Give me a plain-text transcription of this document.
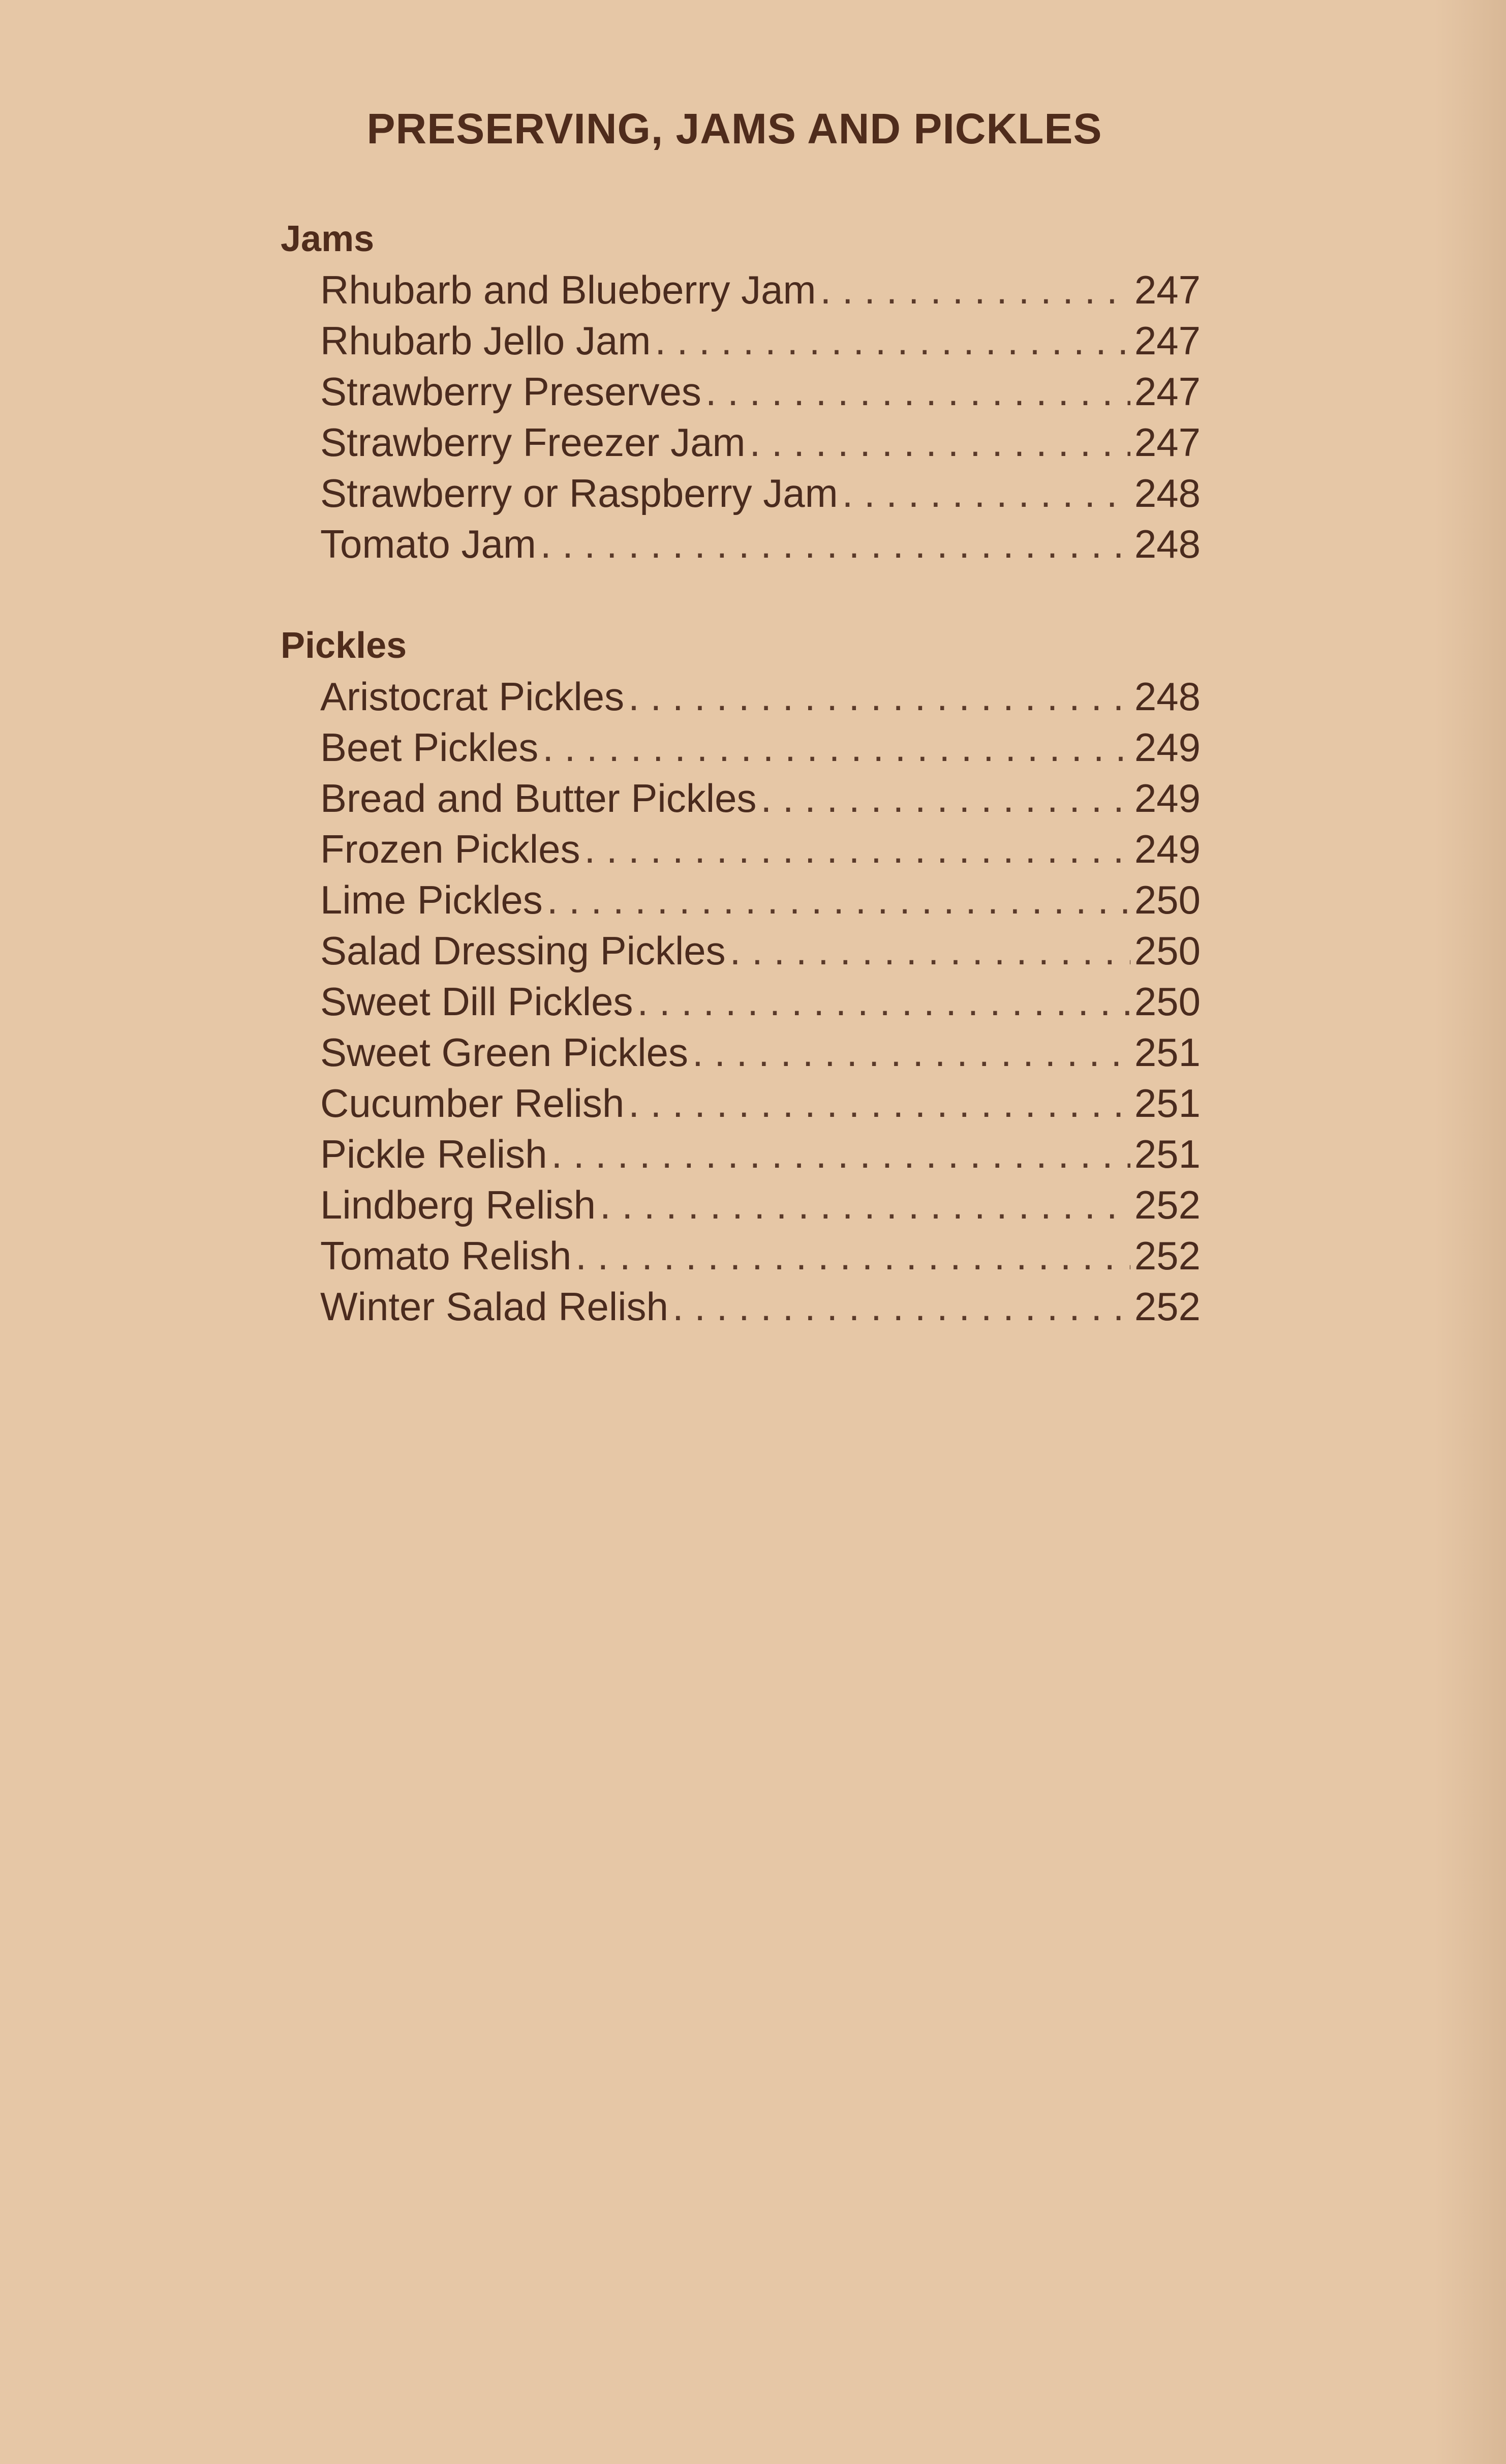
PRESERVING, JAMS AND PICKLES
Jams
Rhubarb and Blueberry Jam . . .	247
Rhubarb Jello Jam . . .	247
Strawberry Preserves . . .	247
Strawberry Freezer Jam . . .	247
Strawberry or Raspberry Jam . . .	248
Tomato Jam . . .	248
Pickles
Aristocrat Pickles . . .	248
Beet Pickles . . .	249
Bread and Butter Pickles . . .	249
Frozen Pickles . . .	249
Lime Pickles . . .	250
Salad Dressing Pickles . . .	250
Sweet Dill Pickles . . .	250
Sweet Green Pickles . . .	251
Cucumber Relish . . .	251
Pickle Relish . . .	251
Lindberg Relish . . .	252
Tomato Relish . . .	252
Winter Salad Relish . . .	252
